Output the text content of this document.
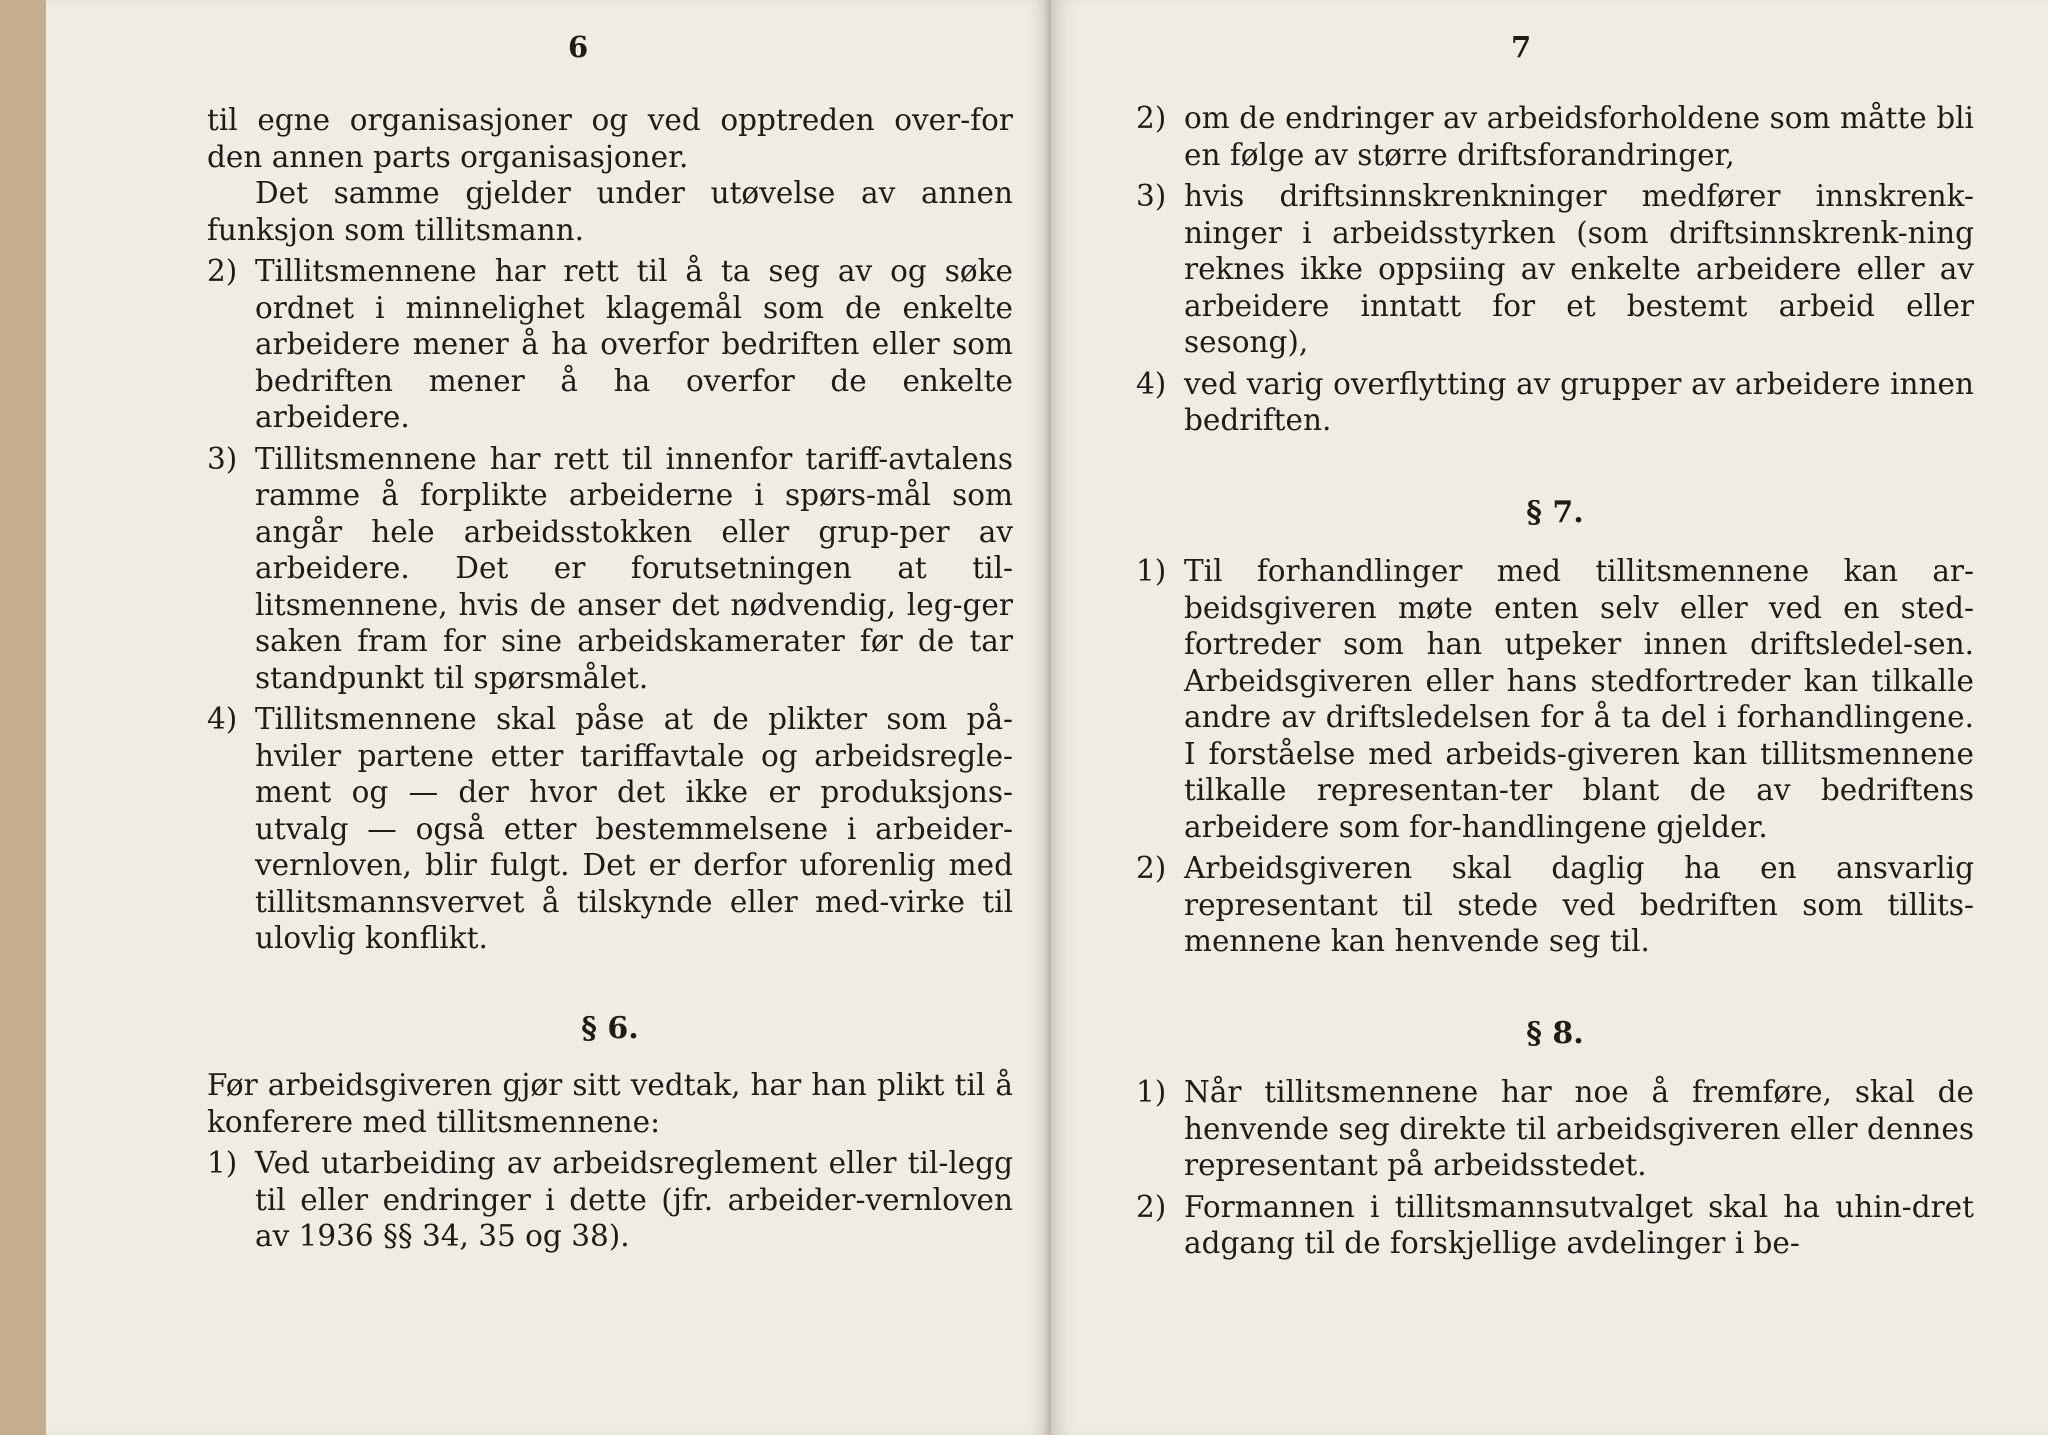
6
til egne organisasjoner og ved opptreden over-for den annen parts organisasjoner.
Det samme gjelder under utøvelse av annen funksjon som tillitsmann.
2) Tillitsmennene har rett til å ta seg av og søke ordnet i minnelighet klagemål som de enkelte arbeidere mener å ha overfor bedriften eller som bedriften mener å ha overfor de enkelte arbeidere.
3) Tillitsmennene har rett til innenfor tariff-avtalens ramme å forplikte arbeiderne i spørs-mål som angår hele arbeidsstokken eller grup-per av arbeidere. Det er forutsetningen at til-litsmennene, hvis de anser det nødvendig, leg-ger saken fram for sine arbeidskamerater før de tar standpunkt til spørsmålet.
4) Tillitsmennene skal påse at de plikter som på-hviler partene etter tariffavtale og arbeidsregle-ment og — der hvor det ikke er produksjons-utvalg — også etter bestemmelsene i arbeider-vernloven, blir fulgt. Det er derfor uforenlig med tillitsmannsvervet å tilskynde eller med-virke til ulovlig konflikt.
§ 6.
Før arbeidsgiveren gjør sitt vedtak, har han plikt til å konferere med tillitsmennene:
1) Ved utarbeiding av arbeidsreglement eller til-legg til eller endringer i dette (jfr. arbeider-vernloven av 1936 §§ 34, 35 og 38).
7
2) om de endringer av arbeidsforholdene som måtte bli en følge av større driftsforandringer,
3) hvis driftsinnskrenkninger medfører innskrenk-ninger i arbeidsstyrken (som driftsinnskrenk-ning reknes ikke oppsiing av enkelte arbeidere eller av arbeidere inntatt for et bestemt arbeid eller sesong),
4) ved varig overflytting av grupper av arbeidere innen bedriften.
§ 7.
1) Til forhandlinger med tillitsmennene kan ar-beidsgiveren møte enten selv eller ved en sted-fortreder som han utpeker innen driftsledel-sen. Arbeidsgiveren eller hans stedfortreder kan tilkalle andre av driftsledelsen for å ta del i forhandlingene. I forståelse med arbeids-giveren kan tillitsmennene tilkalle representan-ter blant de av bedriftens arbeidere som for-handlingene gjelder.
2) Arbeidsgiveren skal daglig ha en ansvarlig representant til stede ved bedriften som tillits-mennene kan henvende seg til.
§ 8.
1) Når tillitsmennene har noe å fremføre, skal de henvende seg direkte til arbeidsgiveren eller dennes representant på arbeidsstedet.
2) Formannen i tillitsmannsutvalget skal ha uhin-dret adgang til de forskjellige avdelinger i be-
